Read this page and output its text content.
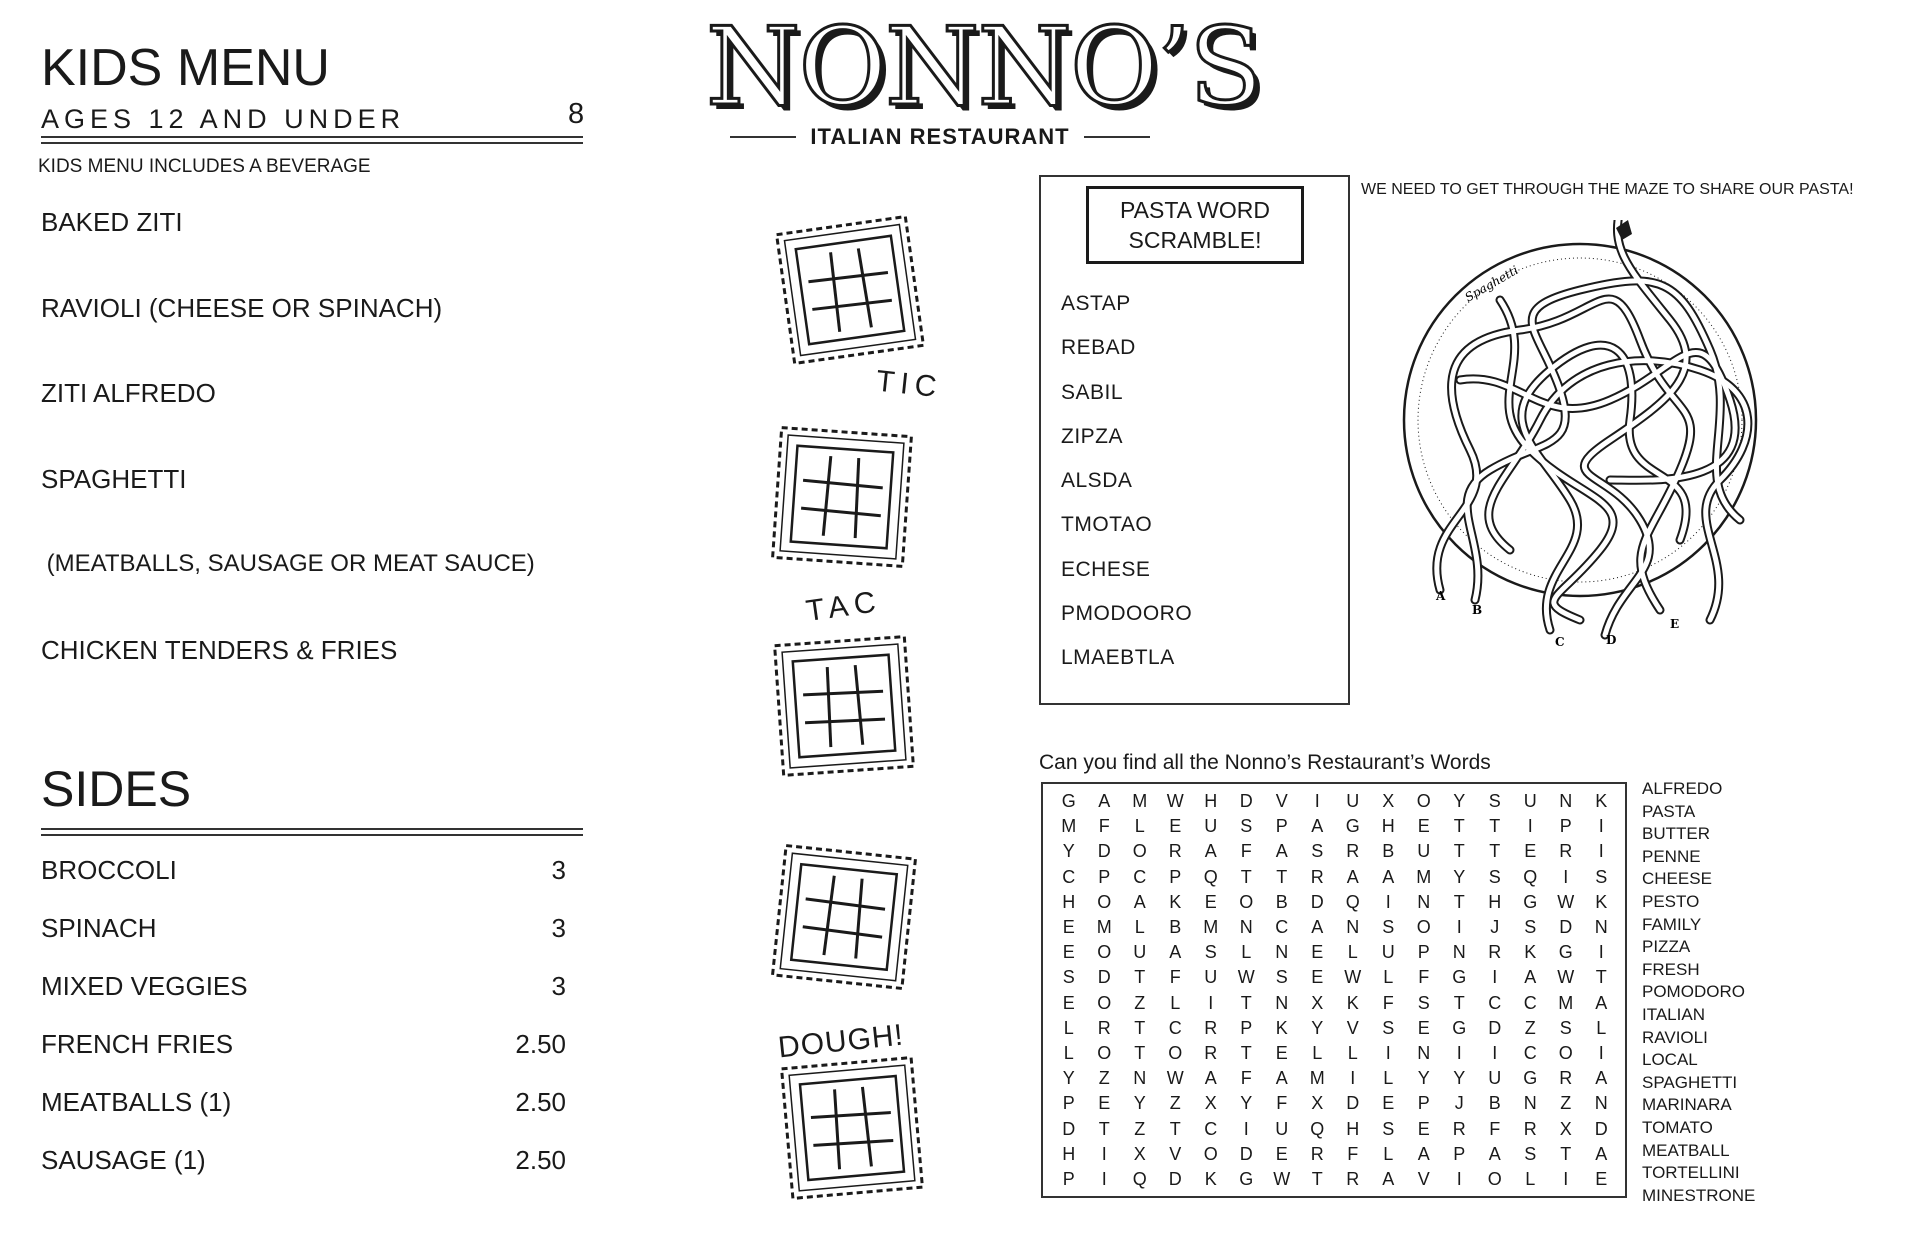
KIDS MENU
AGES 12 AND UNDER	8
KIDS MENU INCLUDES A BEVERAGE
BAKED ZITI
RAVIOLI (CHEESE OR SPINACH)
ZITI ALFREDO
SPAGHETTI
(MEATBALLS, SAUSAGE OR MEAT SAUCE)
CHICKEN TENDERS & FRIES
SIDES
BROCCOLI	3
SPINACH	3
MIXED VEGGIES	3
FRENCH FRIES	2.50
MEATBALLS (1)	2.50
SAUSAGE (1)	2.50
NONNO’S
ITALIAN RESTAURANT
TIC
TAC
DOUGH!
PASTA WORD
SCRAMBLE!
ASTAP
REBAD
SABIL
ZIPZA
ALSDA
TMOTAO
ECHESE
PMODOORO
LMAEBTLA
WE NEED TO GET THROUGH THE MAZE TO SHARE OUR PASTA!
Spaghetti
A
B
C	D
E
Can you find all the Nonno’s Restaurant’s Words
G	A	M	W	H	D	V	I	U	X	O	Y	S	U	N	K
M	F	L	E	U	S	P	A	G	H	E	T	T	I	P	I
Y	D	O	R	A	F	A	S	R	B	U	T	T	E	R	I
C	P	C	P	Q	T	T	R	A	A	M	Y	S	Q	I	S
H	O	A	K	E	O	B	D	Q	I	N	T	H	G	W	K
E	M	L	B	M	N	C	A	N	S	O	I	J	S	D	N
E	O	U	A	S	L	N	E	L	U	P	N	R	K	G	I
S	D	T	F	U	W	S	E	W	L	F	G	I	A	W	T
E	O	Z	L	I	T	N	X	K	F	S	T	C	C	M	A
L	R	T	C	R	P	K	Y	V	S	E	G	D	Z	S	L
L	O	T	O	R	T	E	L	L	I	N	I	I	C	O	I
Y	Z	N	W	A	F	A	M	I	L	Y	Y	U	G	R	A
P	E	Y	Z	X	Y	F	X	D	E	P	J	B	N	Z	N
D	T	Z	T	C	I	U	Q	H	S	E	R	F	R	X	D
H	I	X	V	O	D	E	R	F	L	A	P	A	S	T	A
P	I	Q	D	K	G	W	T	R	A	V	I	O	L	I	E
ALFREDO
PASTA
BUTTER
PENNE
CHEESE
PESTO
FAMILY
PIZZA
FRESH
POMODORO
ITALIAN
RAVIOLI
LOCAL
SPAGHETTI
MARINARA
TOMATO
MEATBALL
TORTELLINI
MINESTRONE
